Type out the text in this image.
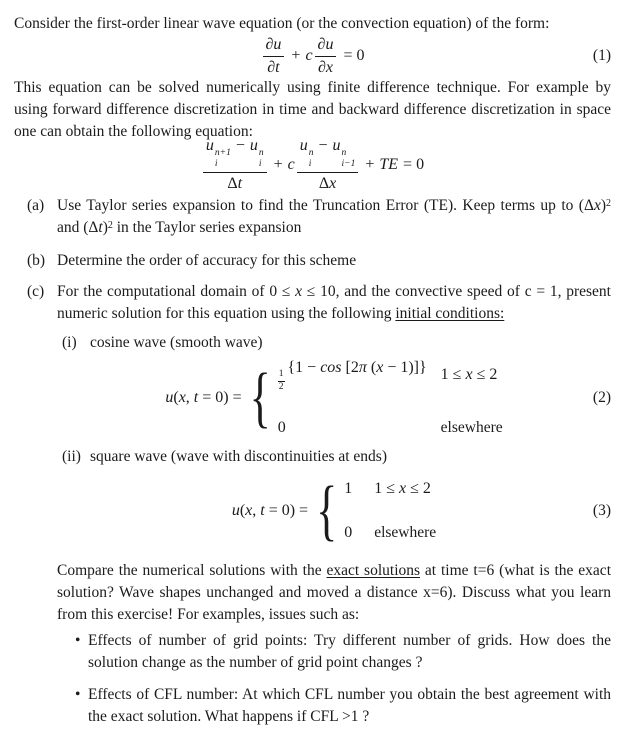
Consider the first-order linear wave equation (or the convection equation) of the form:

$\frac{\partial u}{\partial t} + c \frac{\partial u}{\partial x} = 0$	(1)

This equation can be solved numerically using finite difference technique. For example by using forward difference discretization in time and backward difference discretization in space one can obtain the following equation:

u n+1
i
− u n
i
Δt + c u n
i
− u n
i−1
Δx + TE = 0
(a) Use Taylor series expansion to find the Truncation Error (TE). Keep terms up to $(\Delta x)^2$ and $(\Delta t)^2$ in the Taylor series expansion
(b) Determine the order of accuracy for this scheme
(c) For the computational domain of 0 ≤ x ≤ 10, and the convective speed of c = 1, present numeric solution for this equation using the following initial conditions:
(i) cosine wave (smooth wave)
u(x, t = 0) = { $\frac{1}{2}$
{1 − cos [2π (x − 1)]} 1 ≤ x ≤ 2
0	elsewhere
(2)
(ii) square wave (wave with discontinuities at ends)
u(x, t = 0) = { 1 1 ≤ x ≤ 2
0 elsewhere
(3)
Compare the numerical solutions with the exact solutions at time t=6 (what is the exact solution? Wave shapes unchanged and moved a distance x=6). Discuss what you learn from this exercise! For examples, issues such as:
• Effects of number of grid points: Try different number of grids. How does the solution change as the number of grid point changes ?
• Effects of CFL number: At which CFL number you obtain the best agreement with the exact solution. What happens if CFL >1 ?
